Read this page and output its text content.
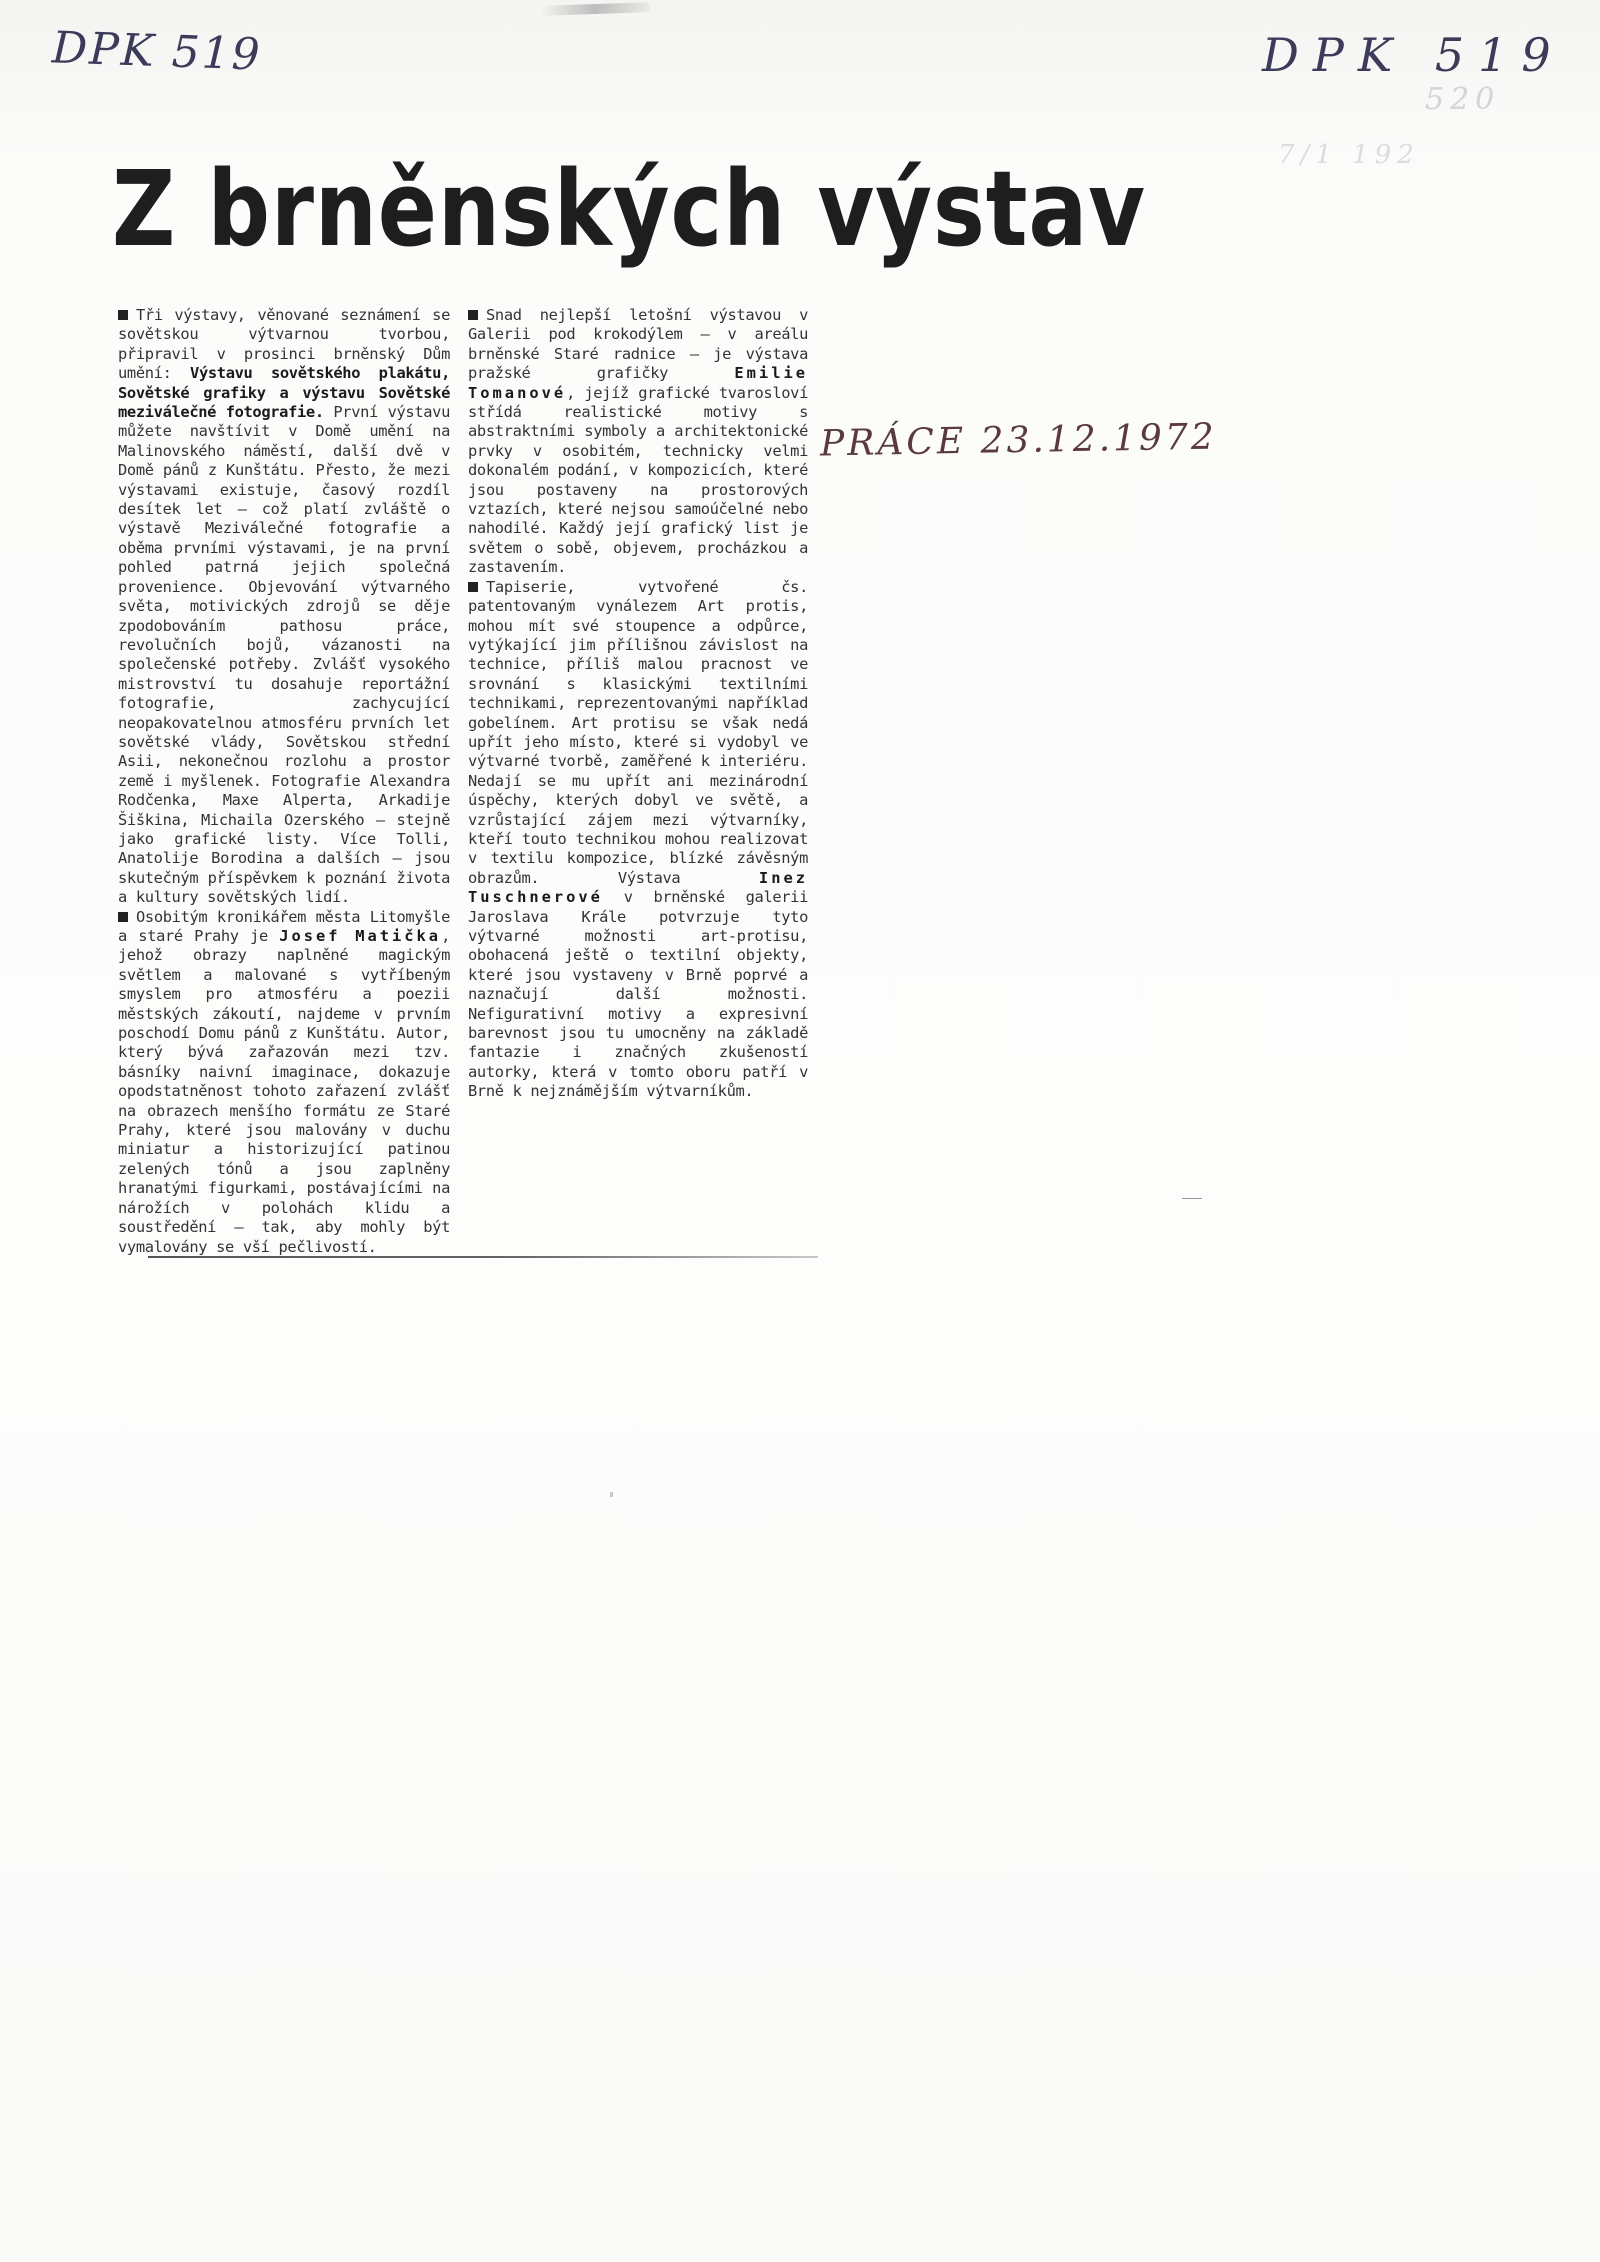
DPK 519	DPK 519
520
7/1 192
Z brněnských výstav

Tři výstavy, věnované seznámení se sovětskou výtvarnou tvorbou, připravil v prosinci brněnský Dům umění: Výstavu sovětského plakátu, Sovětské grafiky a výstavu Sovětské meziválečné fotografie. První výstavu můžete navštívit v Domě umění na Malinovského náměstí, další dvě v Domě pánů z Kunštátu. Přesto, že mezi výstavami existuje, časový rozdíl desítek let — což platí zvláště o výstavě Meziválečné fotografie a oběma prvními výstavami, je na první pohled patrná jejich společná provenience. Objevování výtvarného světa, motivických zdrojů se děje zpodobováním pathosu práce, revolučních bojů, vázanosti na společenské potřeby. Zvlášť vysokého mistrovství tu dosahuje reportážní fotografie, zachycující neopakovatelnou atmosféru prvních let sovětské vlády, Sovětskou střední Asii, nekonečnou rozlohu a prostor země i myšlenek. Fotografie Alexandra Rodčenka, Maxe Alperta, Arkadije Šiškina, Michaila Ozerského — stejně jako grafické listy. Více Tolli, Anatolije Borodina a dalších — jsou skutečným příspěvkem k poznání života a kultury sovětských lidí.

Osobitým kronikářem města Litomyšle a staré Prahy je Josef Matička, jehož obrazy naplněné magickým světlem a malované s vytříbeným smyslem pro atmosféru a poezii městských zákoutí, najdeme v prvním poschodí Domu pánů z Kunštátu. Autor, který bývá zařazován mezi tzv. básníky naivní imaginace, dokazuje opodstatněnost tohoto zařazení zvlášť na obrazech menšího formátu ze Staré Prahy, které jsou malovány v duchu miniatur a historizující patinou zelených tónů a jsou zaplněny hranatými figurkami, postávajícími na nárožích v polohách klidu a soustředění — tak, aby mohly být vymalovány se vší pečlivostí.

Snad nejlepší letošní výstavou v Galerii pod krokodýlem — v areálu brněnské Staré radnice — je výstava pražské grafičky Emilie Tomanové, jejíž grafické tvarosloví střídá realistické motivy s abstraktními symboly a architektonické prvky v osobitém, technicky velmi dokonalém podání, v kompozicích, které jsou postaveny na prostorových vztazích, které nejsou samoúčelné nebo nahodilé. Každý její grafický list je světem o sobě, objevem, procházkou a zastavením.

Tapiserie, vytvořené čs. patentovaným vynálezem Art protis, mohou mít své stoupence a odpůrce, vytýkající jim přílišnou závislost na technice, příliš malou pracnost ve srovnání s klasickými textilními technikami, reprezentovanými například gobelínem. Art protisu se však nedá upřít jeho místo, které si vydobyl ve výtvarné tvorbě, zaměřené k interiéru. Nedají se mu upřít ani mezinárodní úspěchy, kterých dobyl ve světě, a vzrůstající zájem mezi výtvarníky, kteří touto technikou mohou realizovat v textilu kompozice, blízké závěsným obrazům. Výstava Inez Tuschnerové v brněnské galerii Jaroslava Krále potvrzuje tyto výtvarné možnosti art-protisu, obohacená ještě o textilní objekty, které jsou vystaveny v Brně poprvé a naznačují další možnosti. Nefigurativní motivy a expresivní barevnost jsou tu umocněny na základě fantazie i značných zkušeností autorky, která v tomto oboru patří v Brně k nejznámějším výtvarníkům.

PRÁCE 23.12.1972
